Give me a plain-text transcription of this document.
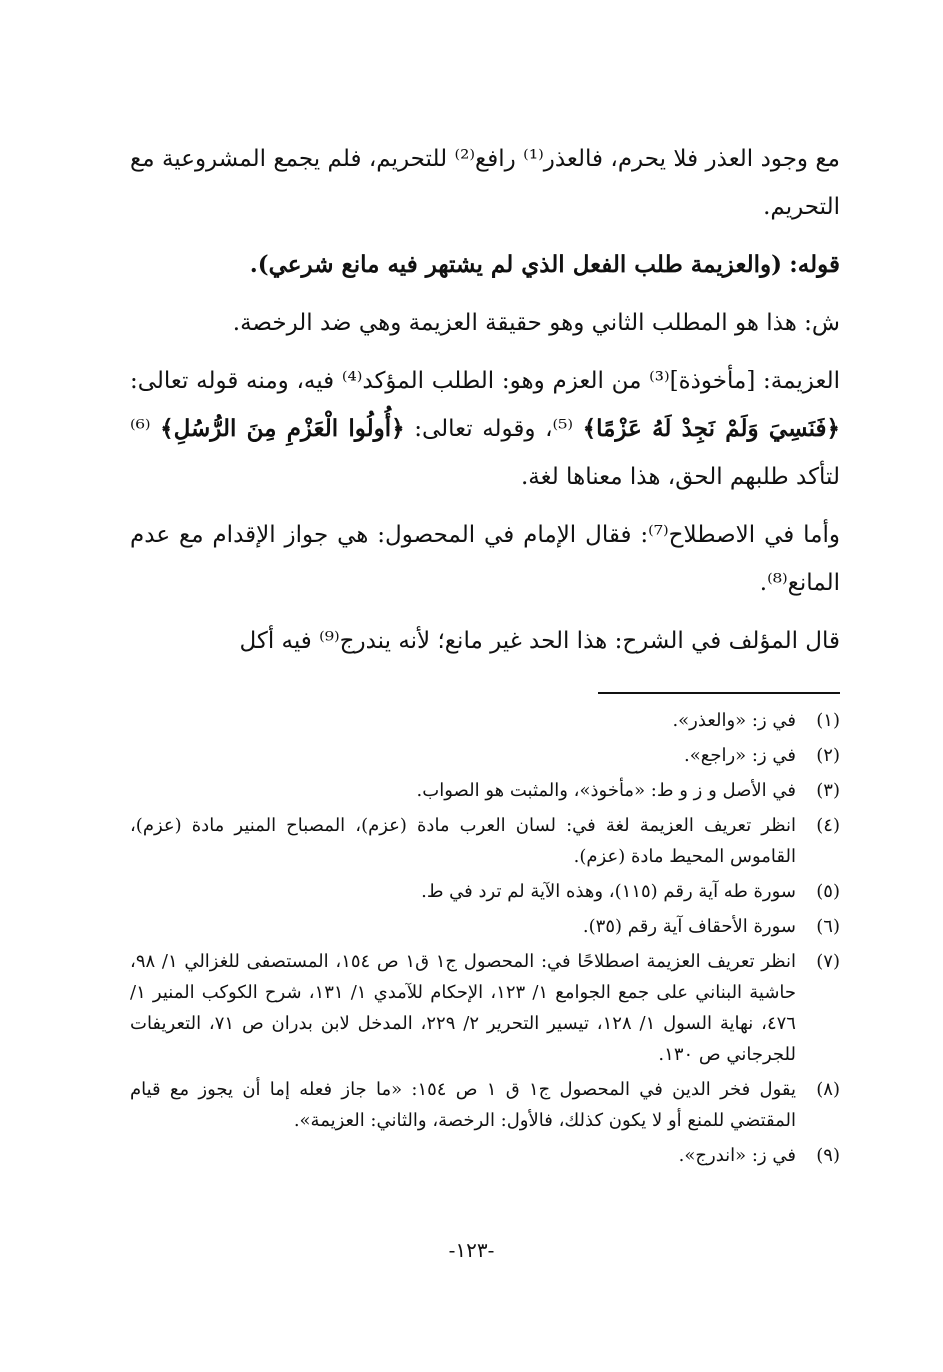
مع وجود العذر فلا يحرم، فالعذر⁽¹⁾ رافع⁽²⁾ للتحريم، فلم يجمع المشروعية مع التحريم.

قوله: (والعزيمة طلب الفعل الذي لم يشتهر فيه مانع شرعي).

ش: هذا هو المطلب الثاني وهو حقيقة العزيمة وهي ضد الرخصة.

العزيمة: [مأخوذة]⁽³⁾ من العزم وهو: الطلب المؤكد⁽⁴⁾ فيه، ومنه قوله تعالى: ﴿فَنَسِيَ وَلَمْ نَجِدْ لَهُ عَزْمًا﴾ ⁽⁵⁾، وقوله تعالى: ﴿أُولُوا الْعَزْمِ مِنَ الرُّسُلِ﴾ ⁽⁶⁾ لتأكد طلبهم الحق، هذا معناها لغة.

وأما في الاصطلاح⁽⁷⁾: فقال الإمام في المحصول: هي جواز الإقدام مع عدم المانع⁽⁸⁾.

قال المؤلف في الشرح: هذا الحد غير مانع؛ لأنه يندرج⁽⁹⁾ فيه أكل

(١)
في ز: «والعذر».
(٢)
في ز: «راجع».
(٣)
في الأصل و ز و ط: «مأخوذ»، والمثبت هو الصواب.
(٤)
انظر تعريف العزيمة لغة في: لسان العرب مادة (عزم)، المصباح المنير مادة (عزم)، القاموس المحيط مادة (عزم).
(٥)
سورة طه آية رقم (١١٥)، وهذه الآية لم ترد في ط.
(٦)
سورة الأحقاف آية رقم (٣٥).
(٧)
انظر تعريف العزيمة اصطلاحًا في: المحصول ج١ ق١ ص ١٥٤، المستصفى للغزالي ١/ ٩٨، حاشية البناني على جمع الجوامع ١/ ١٢٣، الإحكام للآمدي ١/ ١٣١، شرح الكوكب المنير ١/ ٤٧٦، نهاية السول ١/ ١٢٨، تيسير التحرير ٢/ ٢٢٩، المدخل لابن بدران ص ٧١، التعريفات للجرجاني ص ١٣٠.
(٨)
يقول فخر الدين في المحصول ج١ ق ١ ص ١٥٤: «ما جاز فعله إما أن يجوز مع قيام المقتضي للمنع أو لا يكون كذلك، فالأول: الرخصة، والثاني: العزيمة».
(٩)
في ز: «اندرج».
-١٢٣-
